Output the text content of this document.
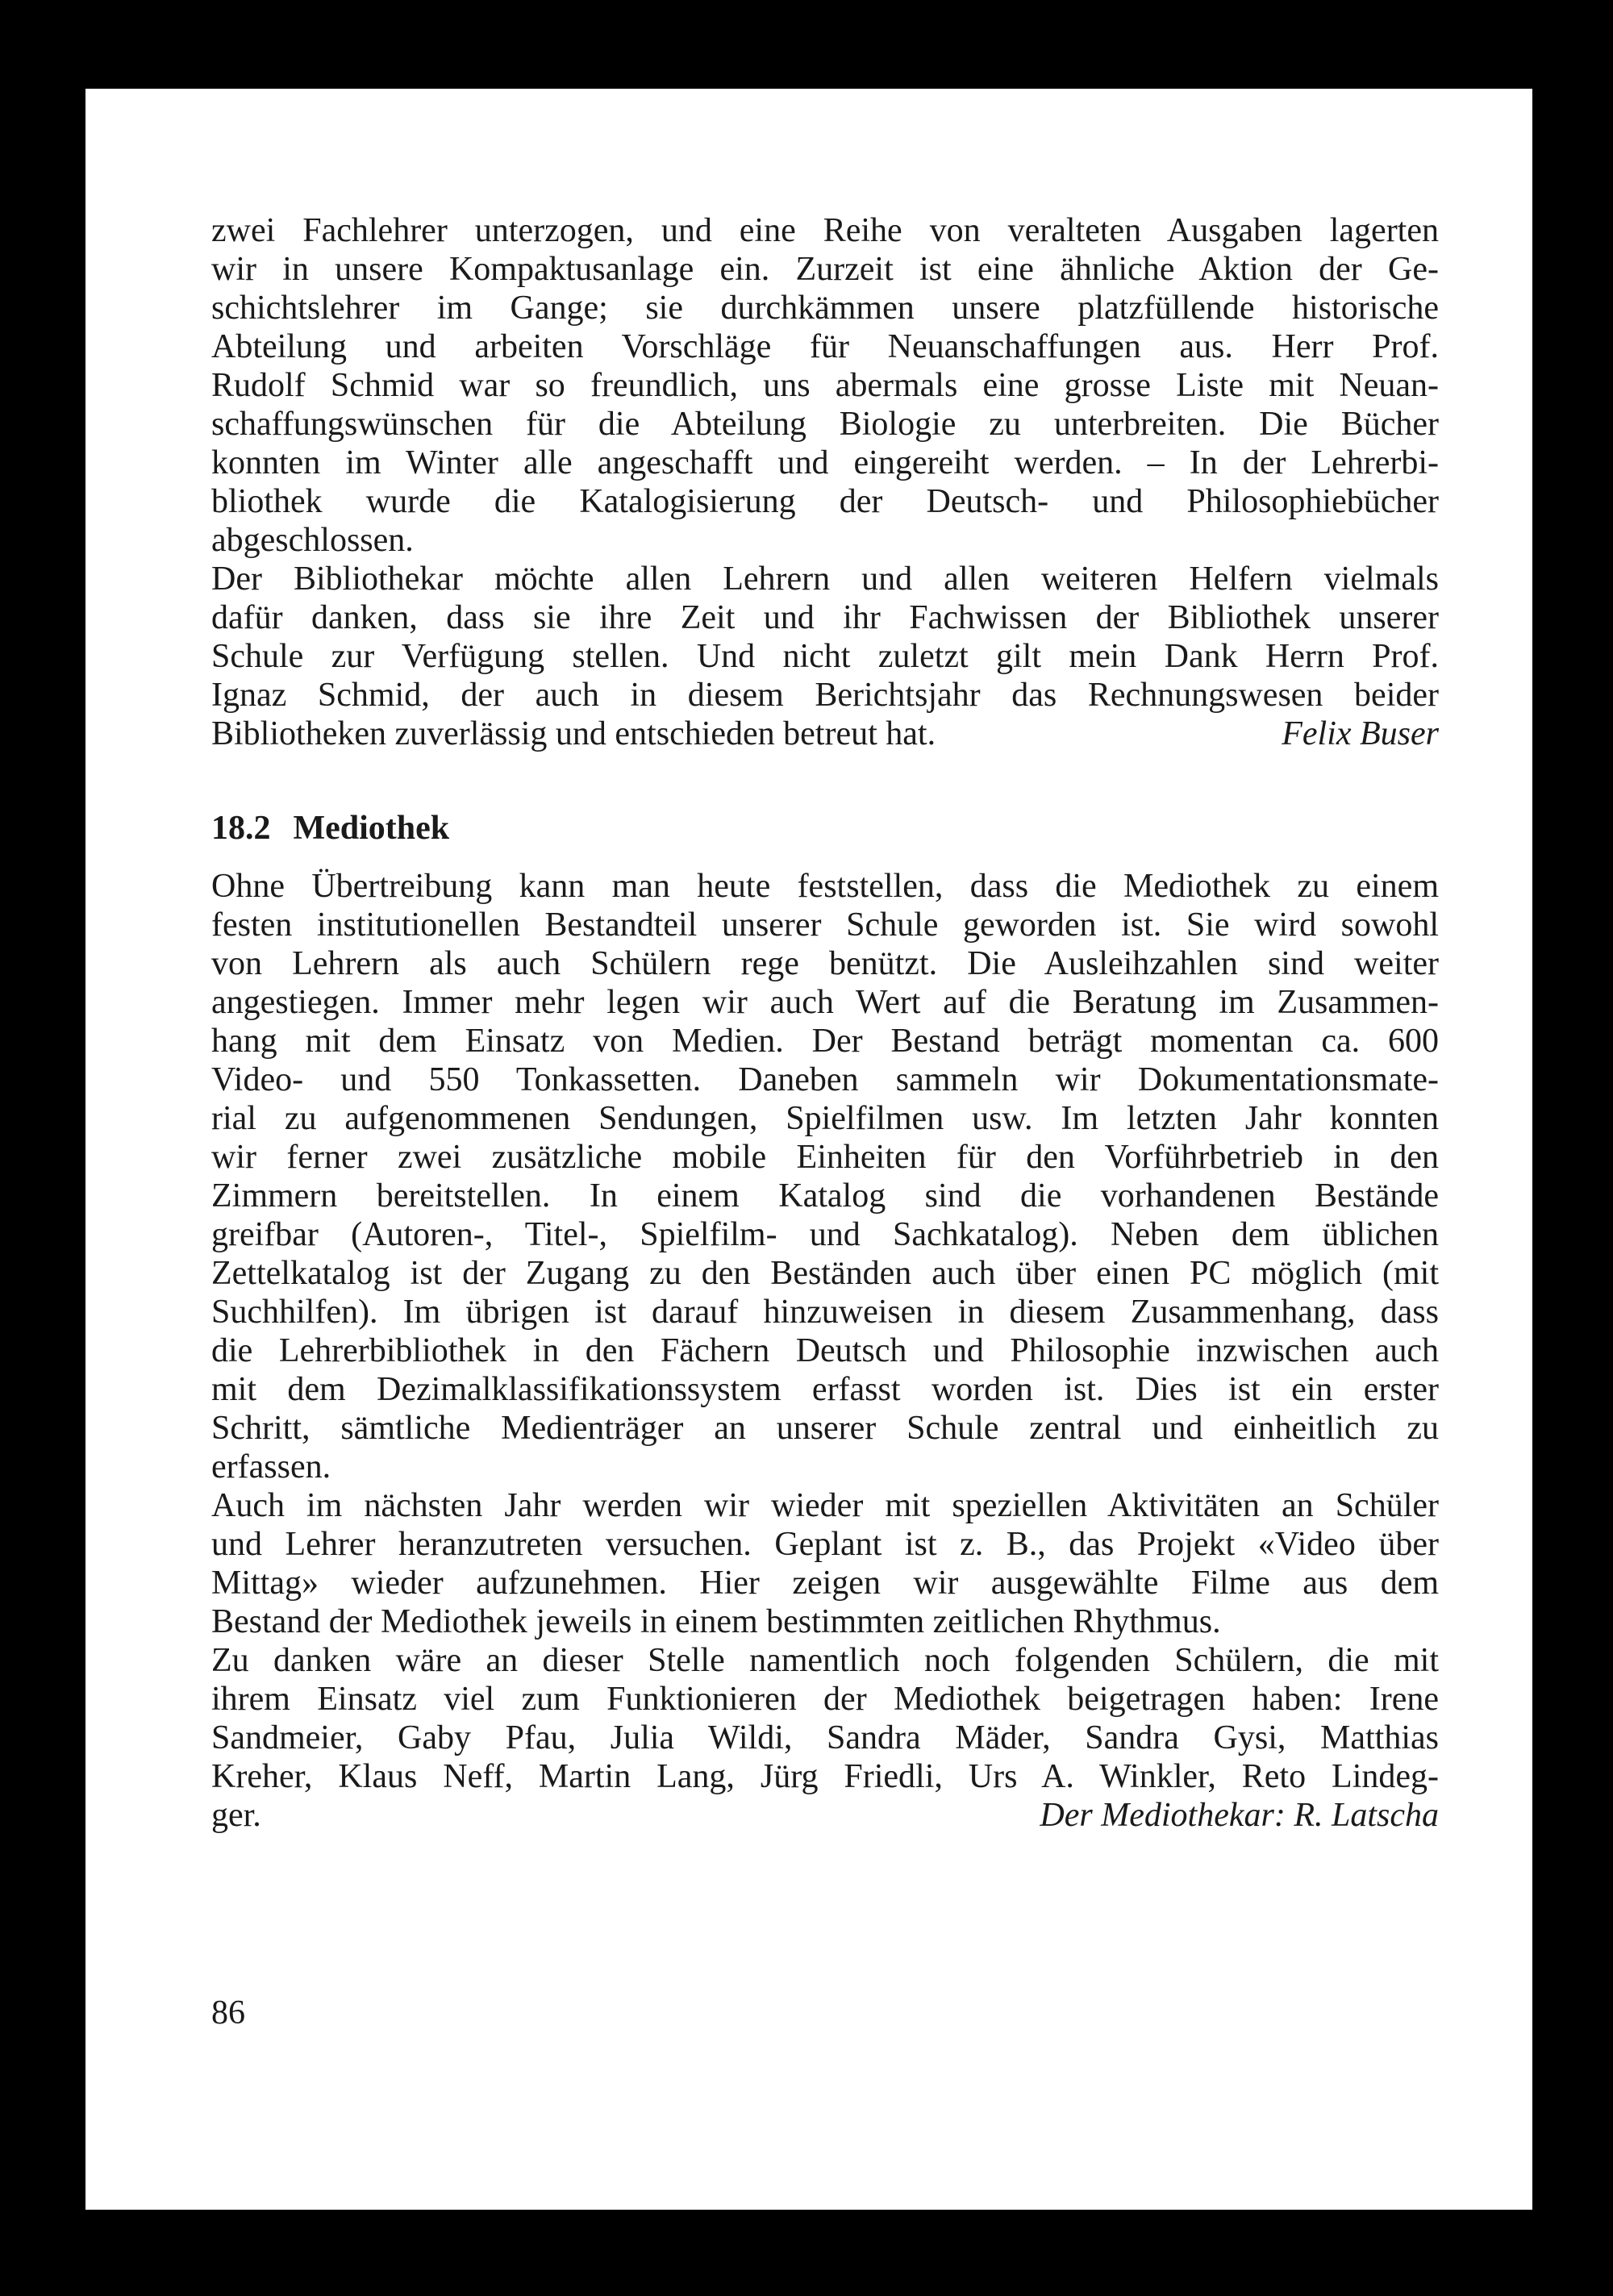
zwei Fachlehrer unterzogen, und eine Reihe von veralteten Ausgaben lagerten
wir in unsere Kompaktusanlage ein. Zurzeit ist eine ähnliche Aktion der Ge-
schichtslehrer im Gange; sie durchkämmen unsere platzfüllende historische
Abteilung und arbeiten Vorschläge für Neuanschaffungen aus. Herr Prof.
Rudolf Schmid war so freundlich, uns abermals eine grosse Liste mit Neuan-
schaffungswünschen für die Abteilung Biologie zu unterbreiten. Die Bücher
konnten im Winter alle angeschafft und eingereiht werden. – In der Lehrerbi-
bliothek wurde die Katalogisierung der Deutsch- und Philosophiebücher
abgeschlossen.
Der Bibliothekar möchte allen Lehrern und allen weiteren Helfern vielmals
dafür danken, dass sie ihre Zeit und ihr Fachwissen der Bibliothek unserer
Schule zur Verfügung stellen. Und nicht zuletzt gilt mein Dank Herrn Prof.
Ignaz Schmid, der auch in diesem Berichtsjahr das Rechnungswesen beider
Bibliotheken zuverlässig und entschieden betreut hat.	Felix Buser
18.2 Mediothek
Ohne Übertreibung kann man heute feststellen, dass die Mediothek zu einem
festen institutionellen Bestandteil unserer Schule geworden ist. Sie wird sowohl
von Lehrern als auch Schülern rege benützt. Die Ausleihzahlen sind weiter
angestiegen. Immer mehr legen wir auch Wert auf die Beratung im Zusammen-
hang mit dem Einsatz von Medien. Der Bestand beträgt momentan ca. 600
Video- und 550 Tonkassetten. Daneben sammeln wir Dokumentationsmate-
rial zu aufgenommenen Sendungen, Spielfilmen usw. Im letzten Jahr konnten
wir ferner zwei zusätzliche mobile Einheiten für den Vorführbetrieb in den
Zimmern bereitstellen. In einem Katalog sind die vorhandenen Bestände
greifbar (Autoren-, Titel-, Spielfilm- und Sachkatalog). Neben dem üblichen
Zettelkatalog ist der Zugang zu den Beständen auch über einen PC möglich (mit
Suchhilfen). Im übrigen ist darauf hinzuweisen in diesem Zusammenhang, dass
die Lehrerbibliothek in den Fächern Deutsch und Philosophie inzwischen auch
mit dem Dezimalklassifikationssystem erfasst worden ist. Dies ist ein erster
Schritt, sämtliche Medienträger an unserer Schule zentral und einheitlich zu
erfassen.
Auch im nächsten Jahr werden wir wieder mit speziellen Aktivitäten an Schüler
und Lehrer heranzutreten versuchen. Geplant ist z. B., das Projekt «Video über
Mittag» wieder aufzunehmen. Hier zeigen wir ausgewählte Filme aus dem
Bestand der Mediothek jeweils in einem bestimmten zeitlichen Rhythmus.
Zu danken wäre an dieser Stelle namentlich noch folgenden Schülern, die mit
ihrem Einsatz viel zum Funktionieren der Mediothek beigetragen haben: Irene
Sandmeier, Gaby Pfau, Julia Wildi, Sandra Mäder, Sandra Gysi, Matthias
Kreher, Klaus Neff, Martin Lang, Jürg Friedli, Urs A. Winkler, Reto Lindeg-
ger.	Der Mediothekar: R. Latscha
86
